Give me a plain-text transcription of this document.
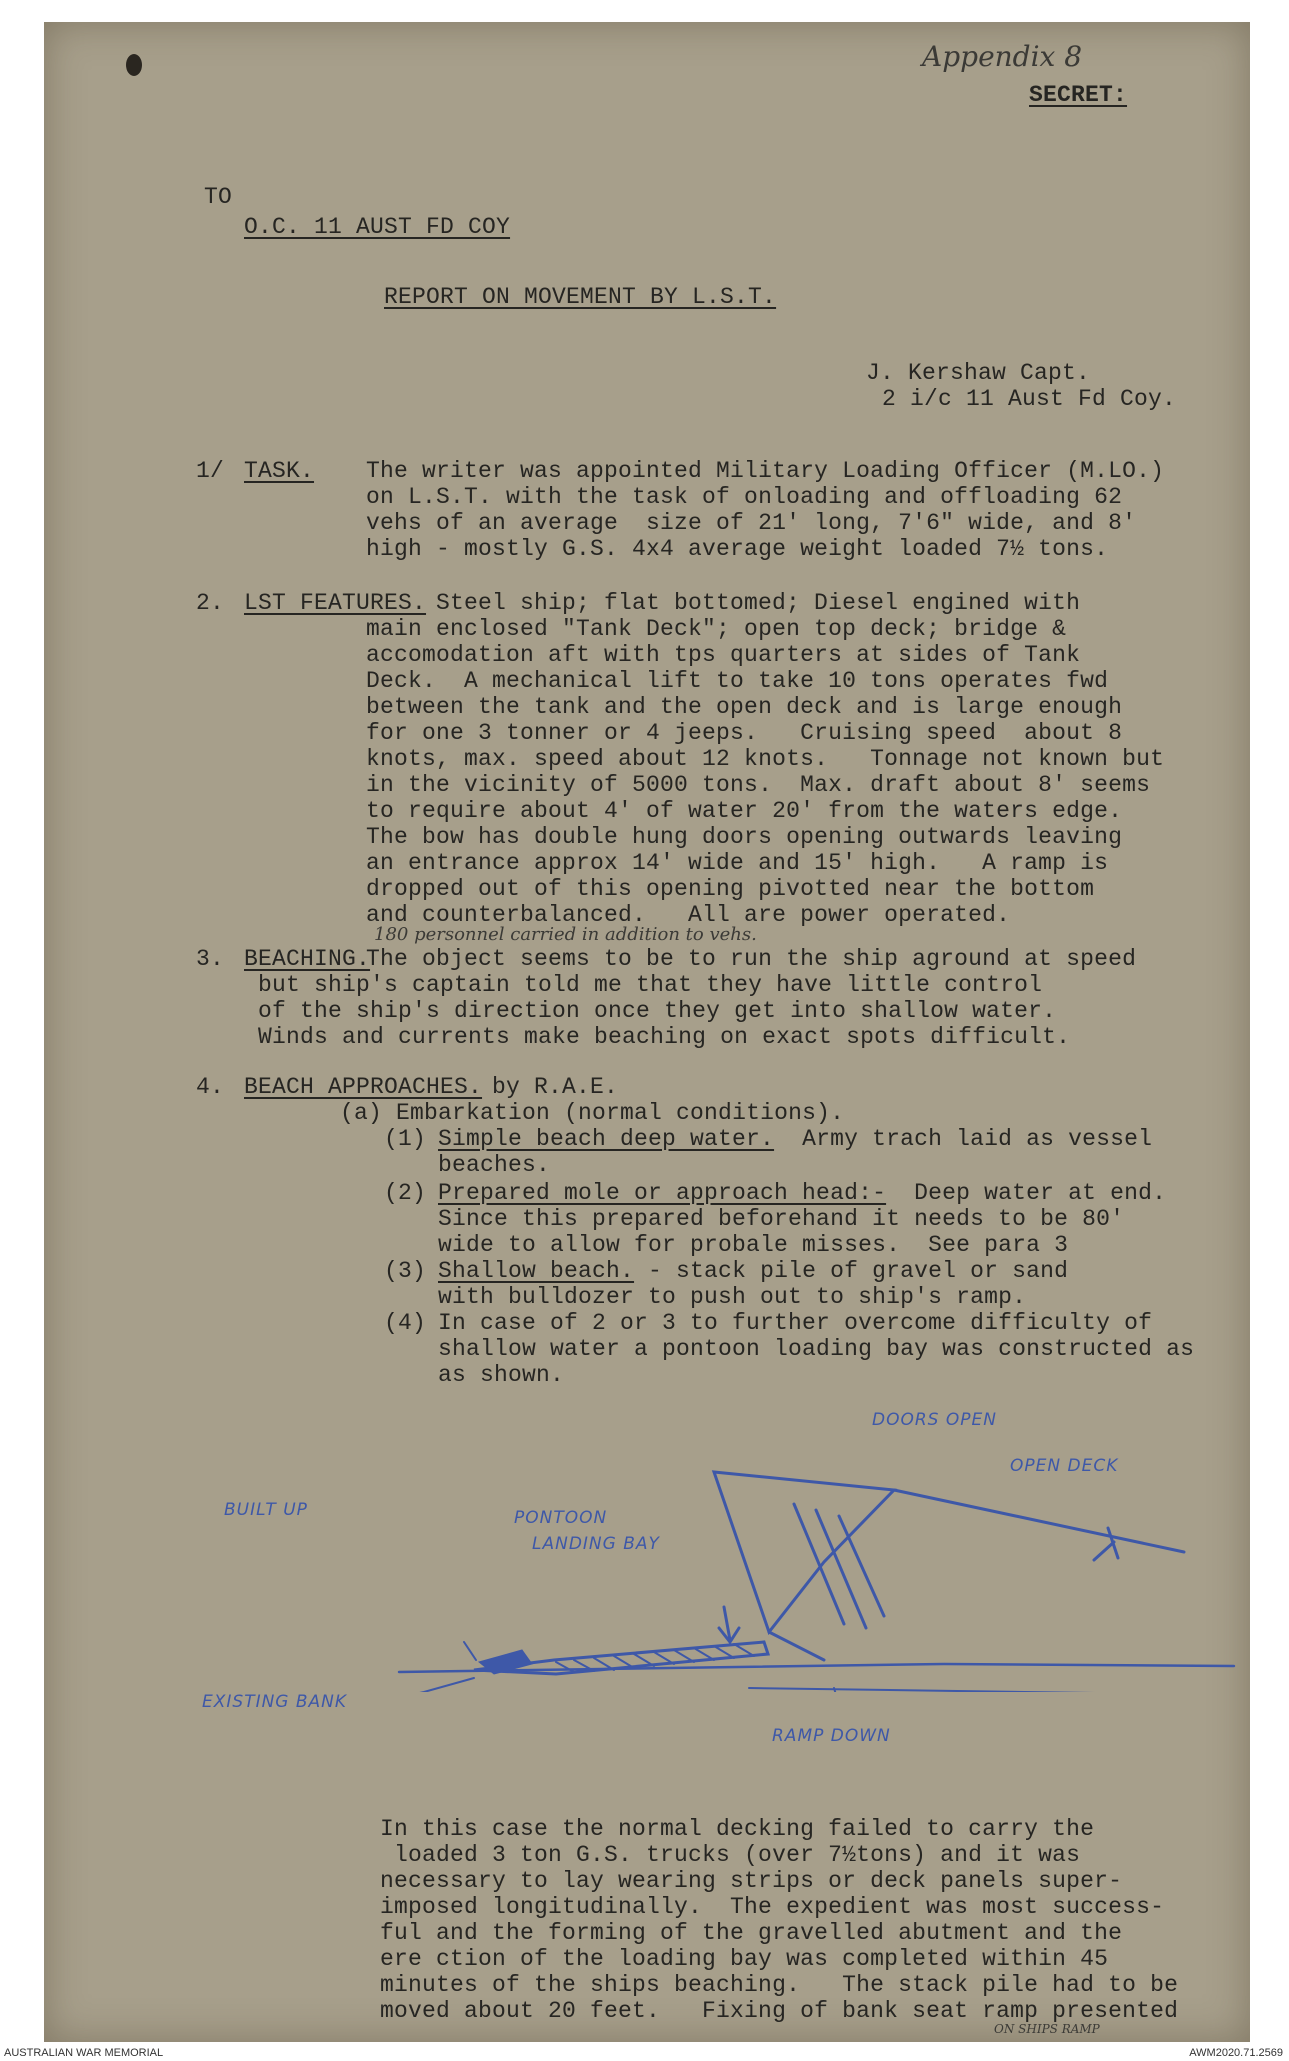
Appendix 8
SECRET:
TO
O.C. 11 AUST FD COY
REPORT ON MOVEMENT BY L.S.T.
J. Kershaw Capt.
2 i/c 11 Aust Fd Coy.
1/ TASK. The writer was appointed Military Loading Officer (M.LO.)
on L.S.T. with the task of onloading and offloading 62
vehs of an average  size of 21' long, 7'6" wide, and 8'
high - mostly G.S. 4x4 average weight loaded 7½ tons.
2. LST FEATURES. Steel ship; flat bottomed; Diesel engined with
main enclosed "Tank Deck"; open top deck; bridge &
accomodation aft with tps quarters at sides of Tank
Deck.  A mechanical lift to take 10 tons operates fwd
between the tank and the open deck and is large enough
for one 3 tonner or 4 jeeps.   Cruising speed  about 8
knots, max. speed about 12 knots.   Tonnage not known but
in the vicinity of 5000 tons.  Max. draft about 8' seems
to require about 4' of water 20' from the waters edge.
The bow has double hung doors opening outwards leaving
an entrance approx 14' wide and 15' high.   A ramp is
dropped out of this opening pivotted near the bottom
and counterbalanced.   All are power operated.
180 personnel carried in addition to vehs.
3. BEACHING.
The object seems to be to run the ship aground at speed
but ship's captain told me that they have little control
of the ship's direction once they get into shallow water.
Winds and currents make beaching on exact spots difficult.
4. BEACH APPROACHES. by R.A.E.
(a) Embarkation (normal conditions).
(1) Simple beach deep water.  Army trach laid as vessel
beaches.
(2) Prepared mole or approach head:-  Deep water at end.
Since this prepared beforehand it needs to be 80'
wide to allow for probale misses.  See para 3
(3) Shallow beach. - stack pile of gravel or sand
with bulldozer to push out to ship's ramp.
(4) In case of 2 or 3 to further overcome difficulty of
shallow water a pontoon loading bay was constructed as
as shown.
DOORS OPEN
OPEN DECK
BUILT UP	PONTOON
LANDING BAY
EXISTING BANK
RAMP DOWN
In this case the normal decking failed to carry the
loaded 3 ton G.S. trucks (over 7½tons) and it was
necessary to lay wearing strips or deck panels super-
imposed longitudinally.  The expedient was most success-
ful and the forming of the gravelled abutment and the
ere ction of the loading bay was completed within 45
minutes of the ships beaching.   The stack pile had to be
moved about 20 feet.   Fixing of bank seat ramp presented
ON SHIPS RAMP
AUSTRALIAN WAR MEMORIAL	AWM2020.71.2569
